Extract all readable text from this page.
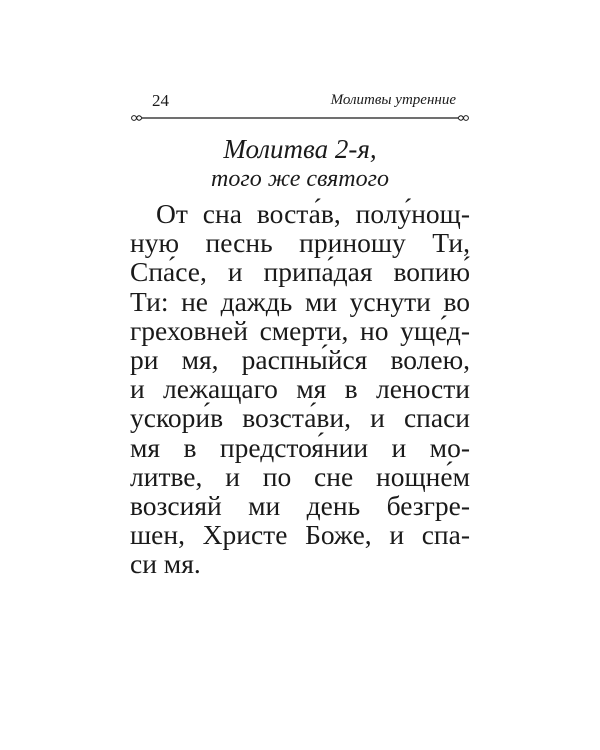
24	Молитвы утренние
Молитва 2-я,
того же святого
От сна воста́в, полу́нощ-
ную песнь приношу Ти,
Спа́се, и припа́дая вопию́
Ти: не даждь ми уснути во
греховней смерти, но уще́д-
ри мя, распны́йся волею,
и лежащаго мя в лености
ускори́в возста́ви, и спаси
мя в предстоя́нии и мо-
литве, и по сне нощне́м
возсияй ми день безгре-
шен, Христе Боже, и спа-
си мя.
